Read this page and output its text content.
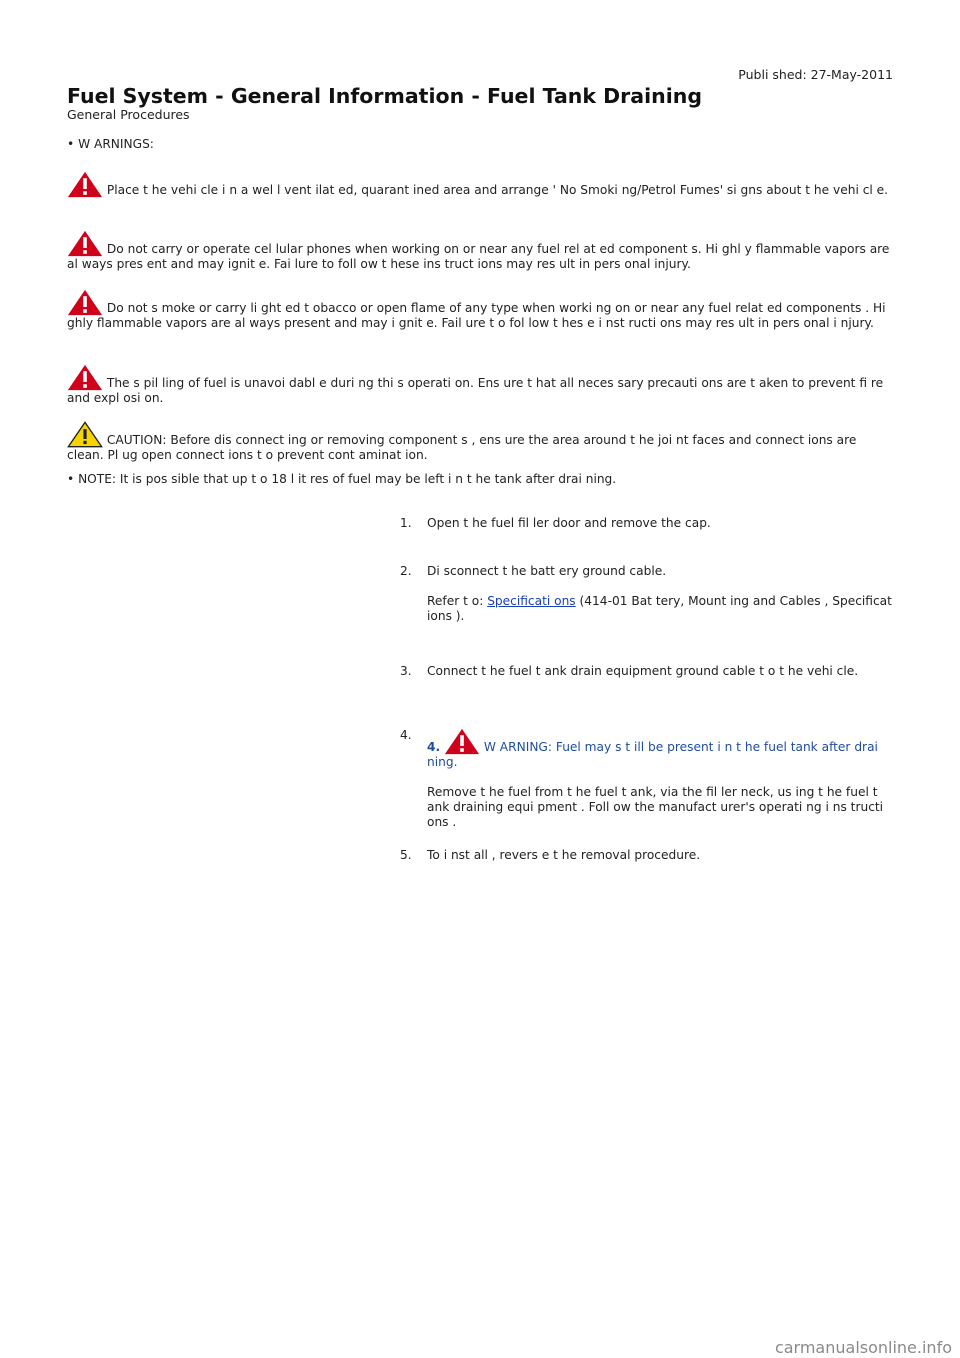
Publi shed: 27-May-2011
Fuel System - General Information - Fuel Tank Draining
General Procedures

• W ARNINGS:

Place t he vehi cle i n a wel l vent ilat ed, quarant ined area and arrange ' No Smoki ng/Petrol Fumes' si gns about t he vehi cl e.

Do not carry or operate cel lular phones when working on or near any fuel rel at ed component s. Hi ghl y flammable vapors are al ways pres ent and may ignit e. Fai lure to foll ow t hese ins truct ions may res ult in pers onal injury.

Do not s moke or carry li ght ed t obacco or open flame of any type when worki ng on or near any fuel relat ed components . Hi ghly flammable vapors are al ways present and may i gnit e. Fail ure t o fol low t hes e i nst ructi ons may res ult in pers onal i njury.

The s pil ling of fuel is unavoi dabl e duri ng thi s operati on. Ens ure t hat all neces sary precauti ons are t aken to prevent fi re and expl osi on.

CAUTION: Before dis connect ing or removing component s , ens ure the area around t he joi nt faces and connect ions are clean. Pl ug open connect ions t o prevent cont aminat ion.

• NOTE: It is pos sible that up t o 18 l it res of fuel may be left i n t he tank after drai ning.

1.	Open t he fuel fil ler door and remove the cap.

2.	Di sconnect t he batt ery ground cable.

Refer t o: Specificati ons (414-01 Bat tery, Mount ing and Cables , Specificat ions ).

3.	Connect t he fuel t ank drain equipment ground cable t o t he vehi cle.

4.

4.	W ARNING: Fuel may s t ill be present i n t he fuel tank after drai ning.

Remove t he fuel from t he fuel t ank, via the fil ler neck, us ing t he fuel t ank draining equi pment . Foll ow the manufact urer's operati ng i ns tructi ons .

5.	To i nst all , revers e t he removal procedure.

carmanualsonline.info
